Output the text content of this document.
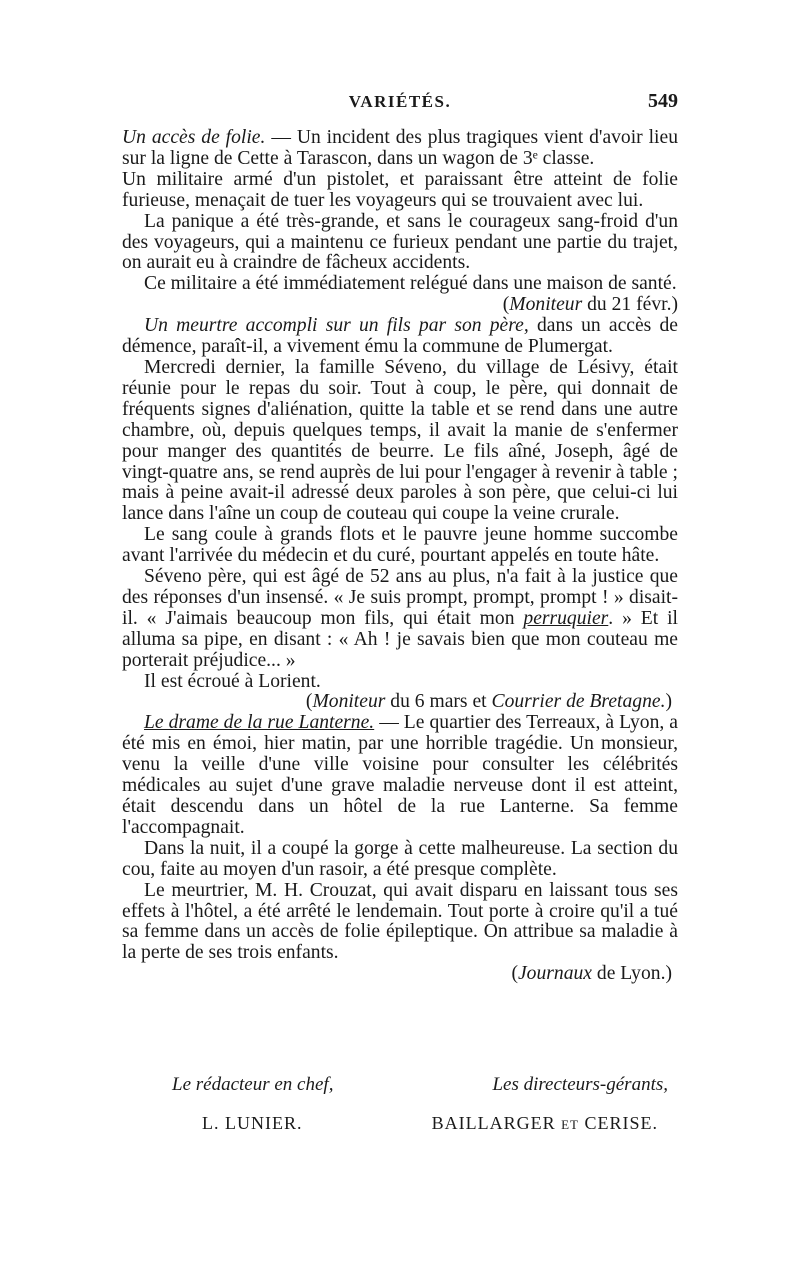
VARIÉTÉS.	549

Un accès de folie. — Un incident des plus tragiques vient d'avoir lieu sur la ligne de Cette à Tarascon, dans un wagon de 3ᵉ classe.

Un militaire armé d'un pistolet, et paraissant être atteint de folie furieuse, menaçait de tuer les voyageurs qui se trouvaient avec lui.

La panique a été très-grande, et sans le courageux sang-froid d'un des voyageurs, qui a maintenu ce furieux pendant une partie du trajet, on aurait eu à craindre de fâcheux accidents.

Ce militaire a été immédiatement relégué dans une maison de santé.
(Moniteur du 21 févr.)

Un meurtre accompli sur un fils par son père, dans un accès de démence, paraît-il, a vivement ému la commune de Plumergat.

Mercredi dernier, la famille Séveno, du village de Lésivy, était réunie pour le repas du soir. Tout à coup, le père, qui donnait de fréquents signes d'aliénation, quitte la table et se rend dans une autre chambre, où, depuis quelques temps, il avait la manie de s'enfermer pour manger des quantités de beurre. Le fils aîné, Joseph, âgé de vingt-quatre ans, se rend auprès de lui pour l'engager à revenir à table ; mais à peine avait-il adressé deux paroles à son père, que celui-ci lui lance dans l'aîne un coup de couteau qui coupe la veine crurale.

Le sang coule à grands flots et le pauvre jeune homme succombe avant l'arrivée du médecin et du curé, pourtant appelés en toute hâte.

Séveno père, qui est âgé de 52 ans au plus, n'a fait à la justice que des réponses d'un insensé. « Je suis prompt, prompt, prompt ! » disait-il. « J'aimais beaucoup mon fils, qui était mon perruquier. » Et il alluma sa pipe, en disant : « Ah ! je savais bien que mon couteau me porterait préjudice... »

Il est écroué à Lorient.

(Moniteur du 6 mars et Courrier de Bretagne.)

Le drame de la rue Lanterne. — Le quartier des Terreaux, à Lyon, a été mis en émoi, hier matin, par une horrible tragédie. Un monsieur, venu la veille d'une ville voisine pour consulter les célébrités médicales au sujet d'une grave maladie nerveuse dont il est atteint, était descendu dans un hôtel de la rue Lanterne. Sa femme l'accompagnait.

Dans la nuit, il a coupé la gorge à cette malheureuse. La section du cou, faite au moyen d'un rasoir, a été presque complète.

Le meurtrier, M. H. Crouzat, qui avait disparu en laissant tous ses effets à l'hôtel, a été arrêté le lendemain. Tout porte à croire qu'il a tué sa femme dans un accès de folie épileptique. On attribue sa maladie à la perte de ses trois enfants.

(Journaux de Lyon.)

Le rédacteur en chef,	Les directeurs-gérants,
L. LUNIER.	BAILLARGER ET CERISE.
